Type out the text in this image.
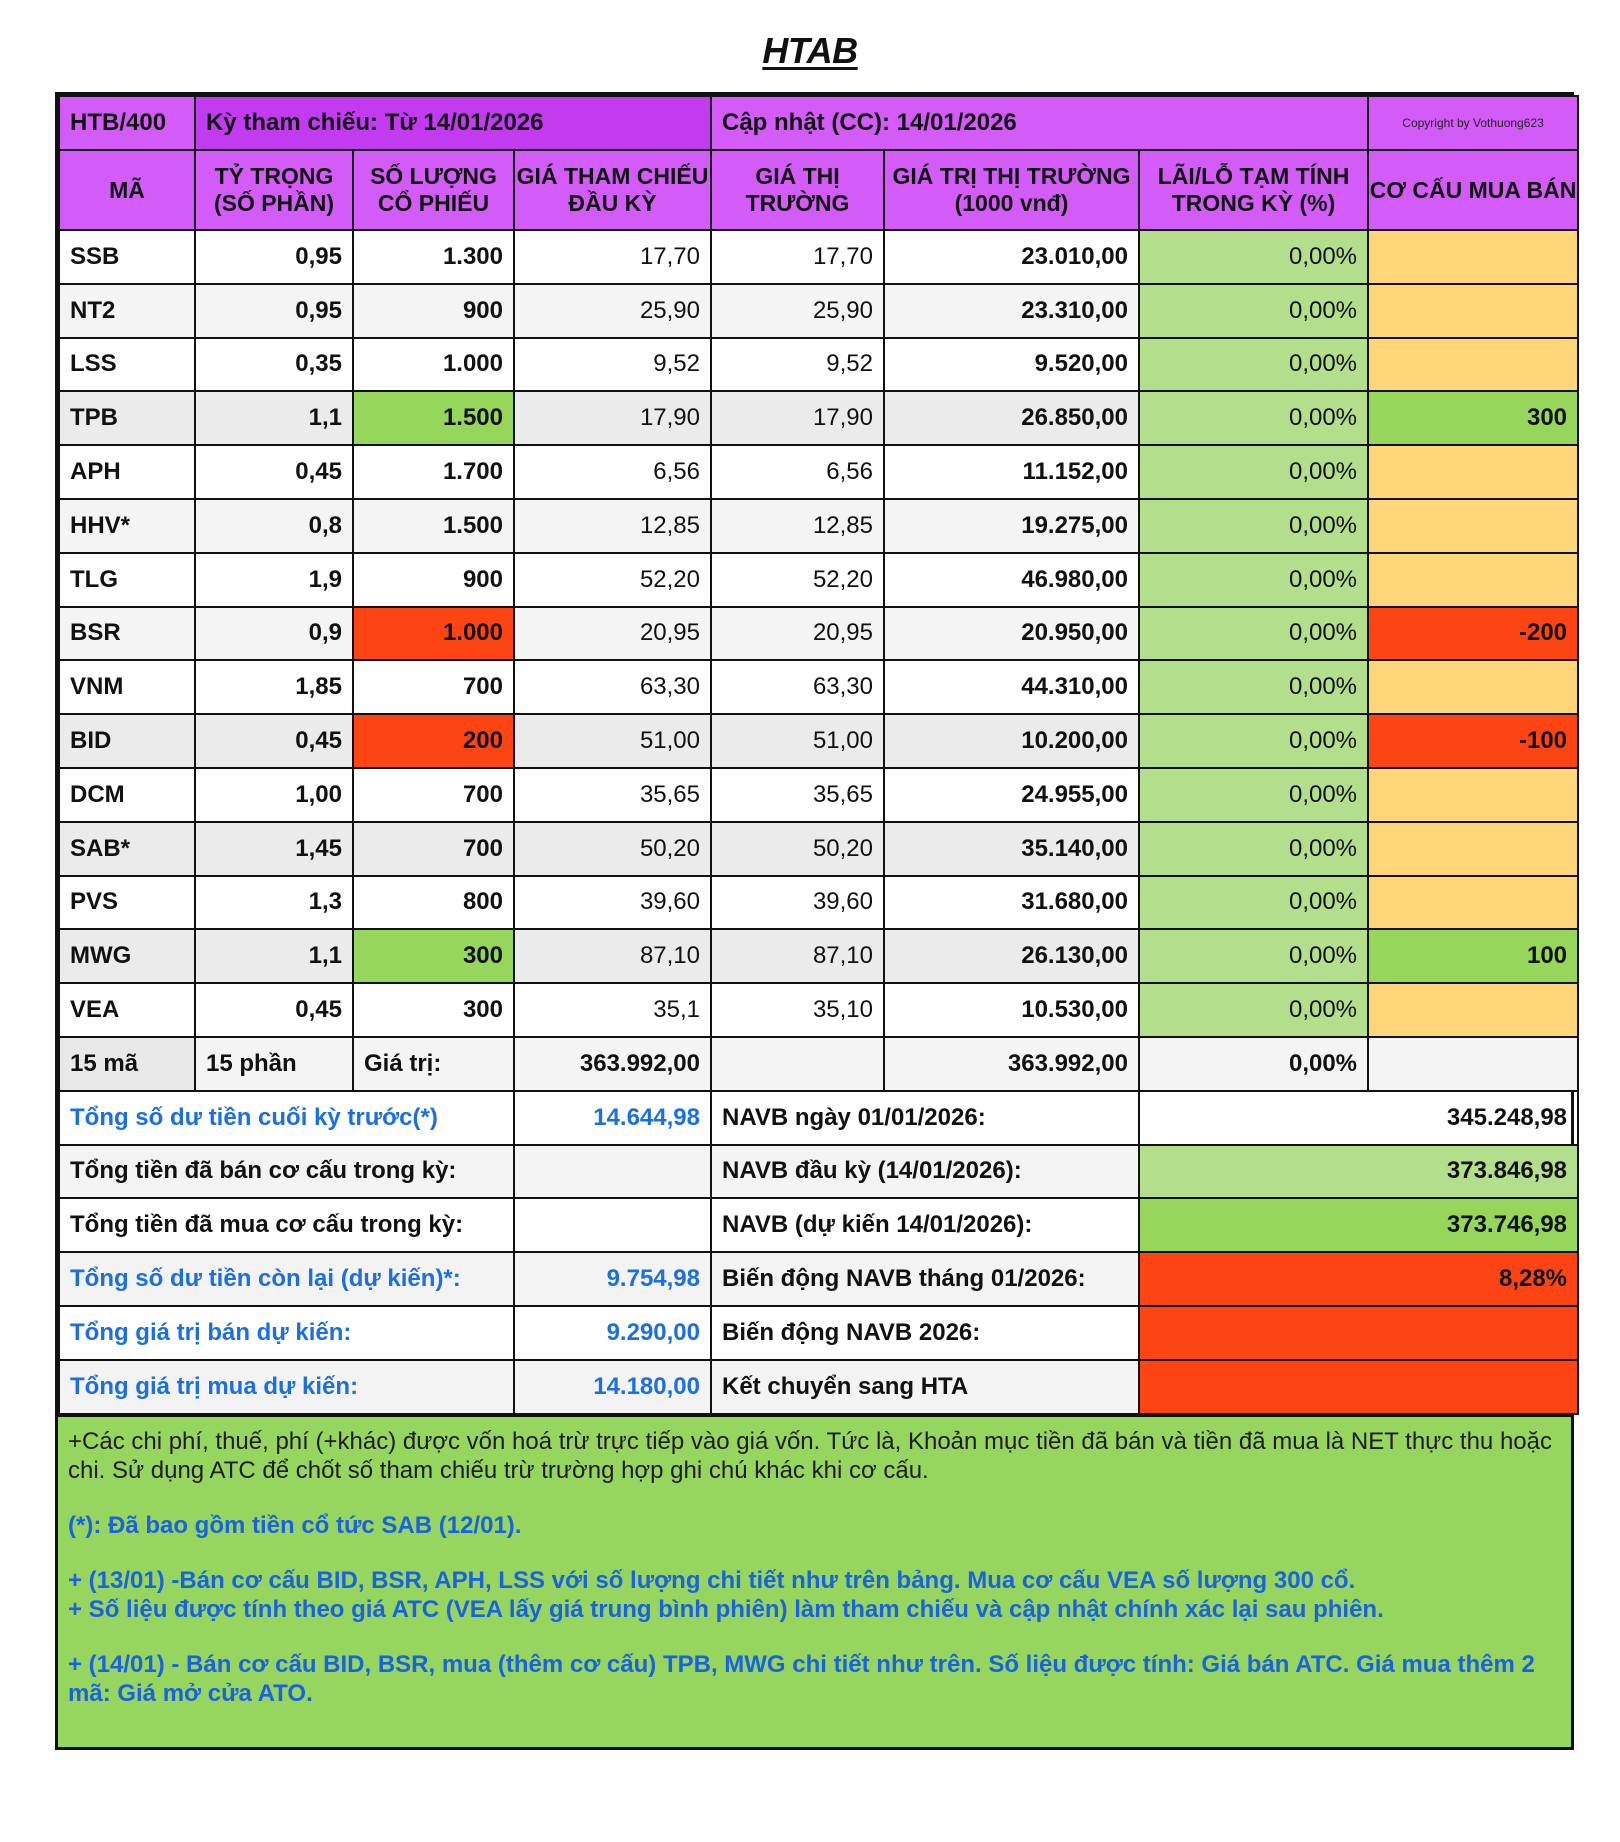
HTAB
HTB/400	Kỳ tham chiếu: Từ 14/01/2026			Cập nhật (CC): 14/01/2026			Copyright by Vothuong623
MÃ	TỶ TRỌNG (SỐ PHẦN)	SỐ LƯỢNG CỔ PHIẾU	GIÁ THAM CHIẾU ĐẦU KỲ	GIÁ THỊ TRƯỜNG	GIÁ TRỊ THỊ TRƯỜNG (1000 vnđ)	LÃI/LỖ TẠM TÍNH TRONG KỲ (%)	CƠ CẤU MUA BÁN
SSB	0,95	1.300	17,70	17,70	23.010,00	0,00%	
NT2	0,95	900	25,90	25,90	23.310,00	0,00%	
LSS	0,35	1.000	9,52	9,52	9.520,00	0,00%	
TPB	1,1	1.500	17,90	17,90	26.850,00	0,00%	300
APH	0,45	1.700	6,56	6,56	11.152,00	0,00%	
HHV*	0,8	1.500	12,85	12,85	19.275,00	0,00%	
TLG	1,9	900	52,20	52,20	46.980,00	0,00%	
BSR	0,9	1.000	20,95	20,95	20.950,00	0,00%	-200
VNM	1,85	700	63,30	63,30	44.310,00	0,00%	
BID	0,45	200	51,00	51,00	10.200,00	0,00%	-100
DCM	1,00	700	35,65	35,65	24.955,00	0,00%	
SAB*	1,45	700	50,20	50,20	35.140,00	0,00%	
PVS	1,3	800	39,60	39,60	31.680,00	0,00%	
MWG	1,1	300	87,10	87,10	26.130,00	0,00%	100
VEA	0,45	300	35,1	35,10	10.530,00	0,00%	
15 mã	15 phần	Giá trị:	363.992,00		363.992,00	0,00%	
Tổng số dư tiền cuối kỳ trước(*)			14.644,98	NAVB ngày 01/01/2026:		345.248,98	
Tổng tiền đã bán cơ cấu trong kỳ:				NAVB đầu kỳ (14/01/2026):		373.846,98	
Tổng tiền đã mua cơ cấu trong kỳ:				NAVB (dự kiến 14/01/2026):		373.746,98	
Tổng số dư tiền còn lại (dự kiến)*:			9.754,98	Biến động NAVB tháng 01/2026:		8,28%	
Tổng giá trị bán dự kiến:			9.290,00	Biến động NAVB 2026:			
Tổng giá trị mua dự kiến:			14.180,00	Kết chuyển sang HTA			

+Các chi phí, thuế, phí (+khác) được vốn hoá trừ trực tiếp vào giá vốn. Tức là, Khoản mục tiền đã bán và tiền đã mua là NET thực thu hoặc chi. Sử dụng ATC để chốt số tham chiếu trừ trường hợp ghi chú khác khi cơ cấu.

(*): Đã bao gồm tiền cổ tức SAB (12/01).

+ (13/01) -Bán cơ cấu BID, BSR, APH, LSS với số lượng chi tiết như trên bảng. Mua cơ cấu VEA số lượng 300 cổ.

+ Số liệu được tính theo giá ATC (VEA lấy giá trung bình phiên) làm tham chiếu và cập nhật chính xác lại sau phiên.

+ (14/01) - Bán cơ cấu BID, BSR, mua (thêm cơ cấu) TPB, MWG chi tiết như trên. Số liệu được tính: Giá bán ATC. Giá mua thêm 2 mã: Giá mở cửa ATO.
